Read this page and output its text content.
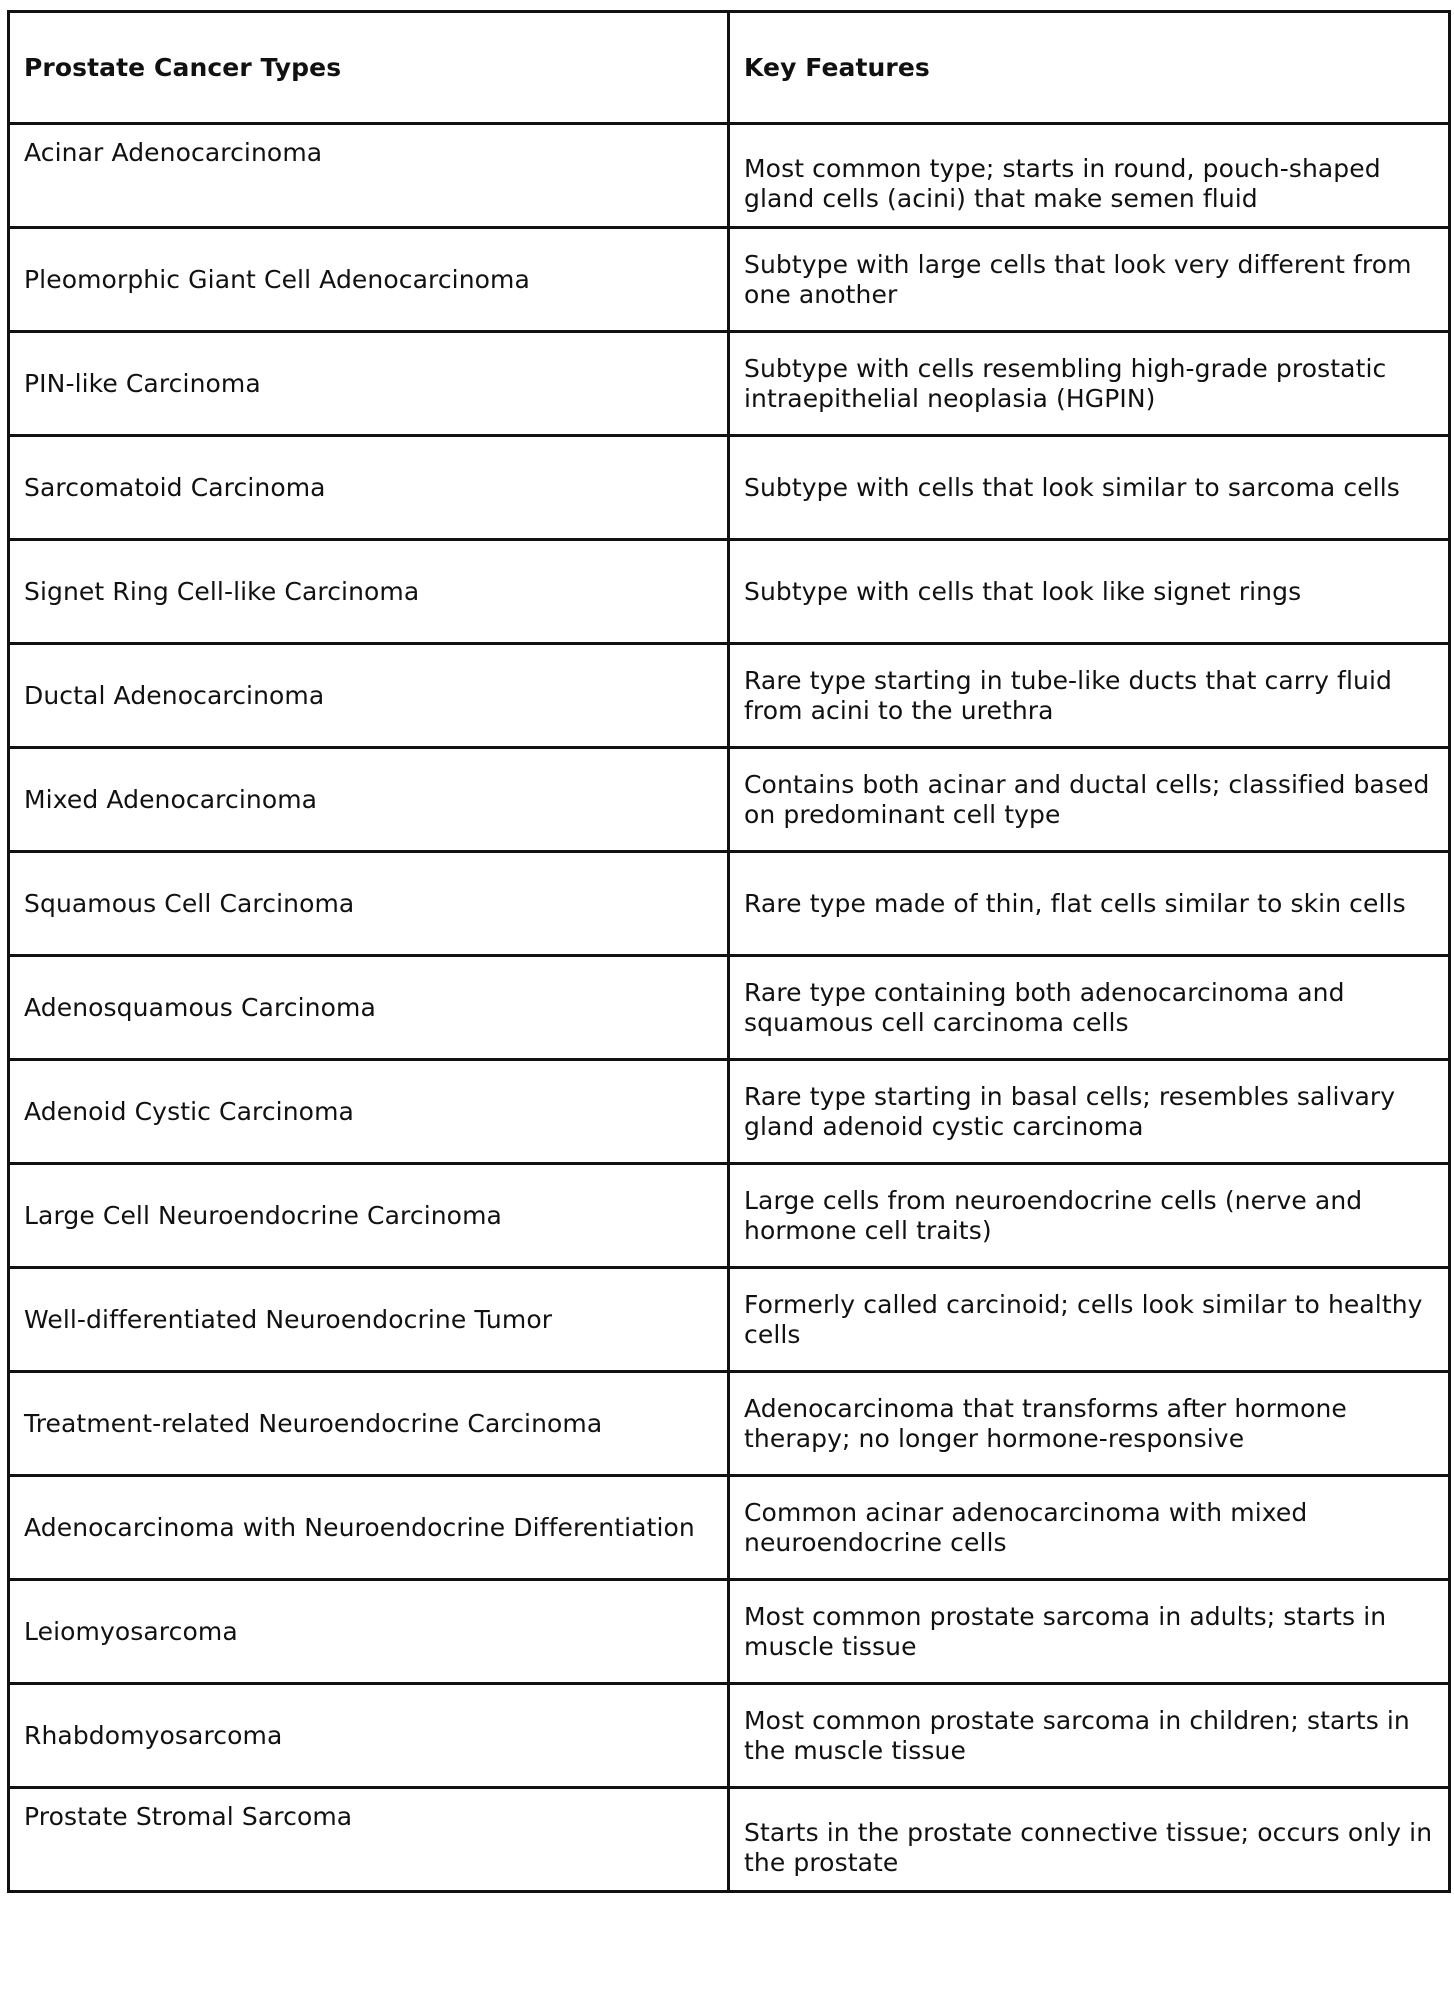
Prostate Cancer Types	Key Features
Acinar Adenocarcinoma	Most common type; starts in round, pouch-shaped gland cells (acini) that make semen fluid
Pleomorphic Giant Cell Adenocarcinoma	Subtype with large cells that look very different from one another
PIN-like Carcinoma	Subtype with cells resembling high-grade prostatic intraepithelial neoplasia (HGPIN)
Sarcomatoid Carcinoma	Subtype with cells that look similar to sarcoma cells
Signet Ring Cell-like Carcinoma	Subtype with cells that look like signet rings
Ductal Adenocarcinoma	Rare type starting in tube-like ducts that carry fluid from acini to the urethra
Mixed Adenocarcinoma	Contains both acinar and ductal cells; classified based on predominant cell type
Squamous Cell Carcinoma	Rare type made of thin, flat cells similar to skin cells
Adenosquamous Carcinoma	Rare type containing both adenocarcinoma and squamous cell carcinoma cells
Adenoid Cystic Carcinoma	Rare type starting in basal cells; resembles salivary gland adenoid cystic carcinoma
Large Cell Neuroendocrine Carcinoma	Large cells from neuroendocrine cells (nerve and hormone cell traits)
Well-differentiated Neuroendocrine Tumor	Formerly called carcinoid; cells look similar to healthy cells
Treatment-related Neuroendocrine Carcinoma	Adenocarcinoma that transforms after hormone therapy; no longer hormone-responsive
Adenocarcinoma with Neuroendocrine Differentiation	Common acinar adenocarcinoma with mixed neuroendocrine cells
Leiomyosarcoma	Most common prostate sarcoma in adults; starts in muscle tissue
Rhabdomyosarcoma	Most common prostate sarcoma in children; starts in the muscle tissue
Prostate Stromal Sarcoma	Starts in the prostate connective tissue; occurs only in the prostate
